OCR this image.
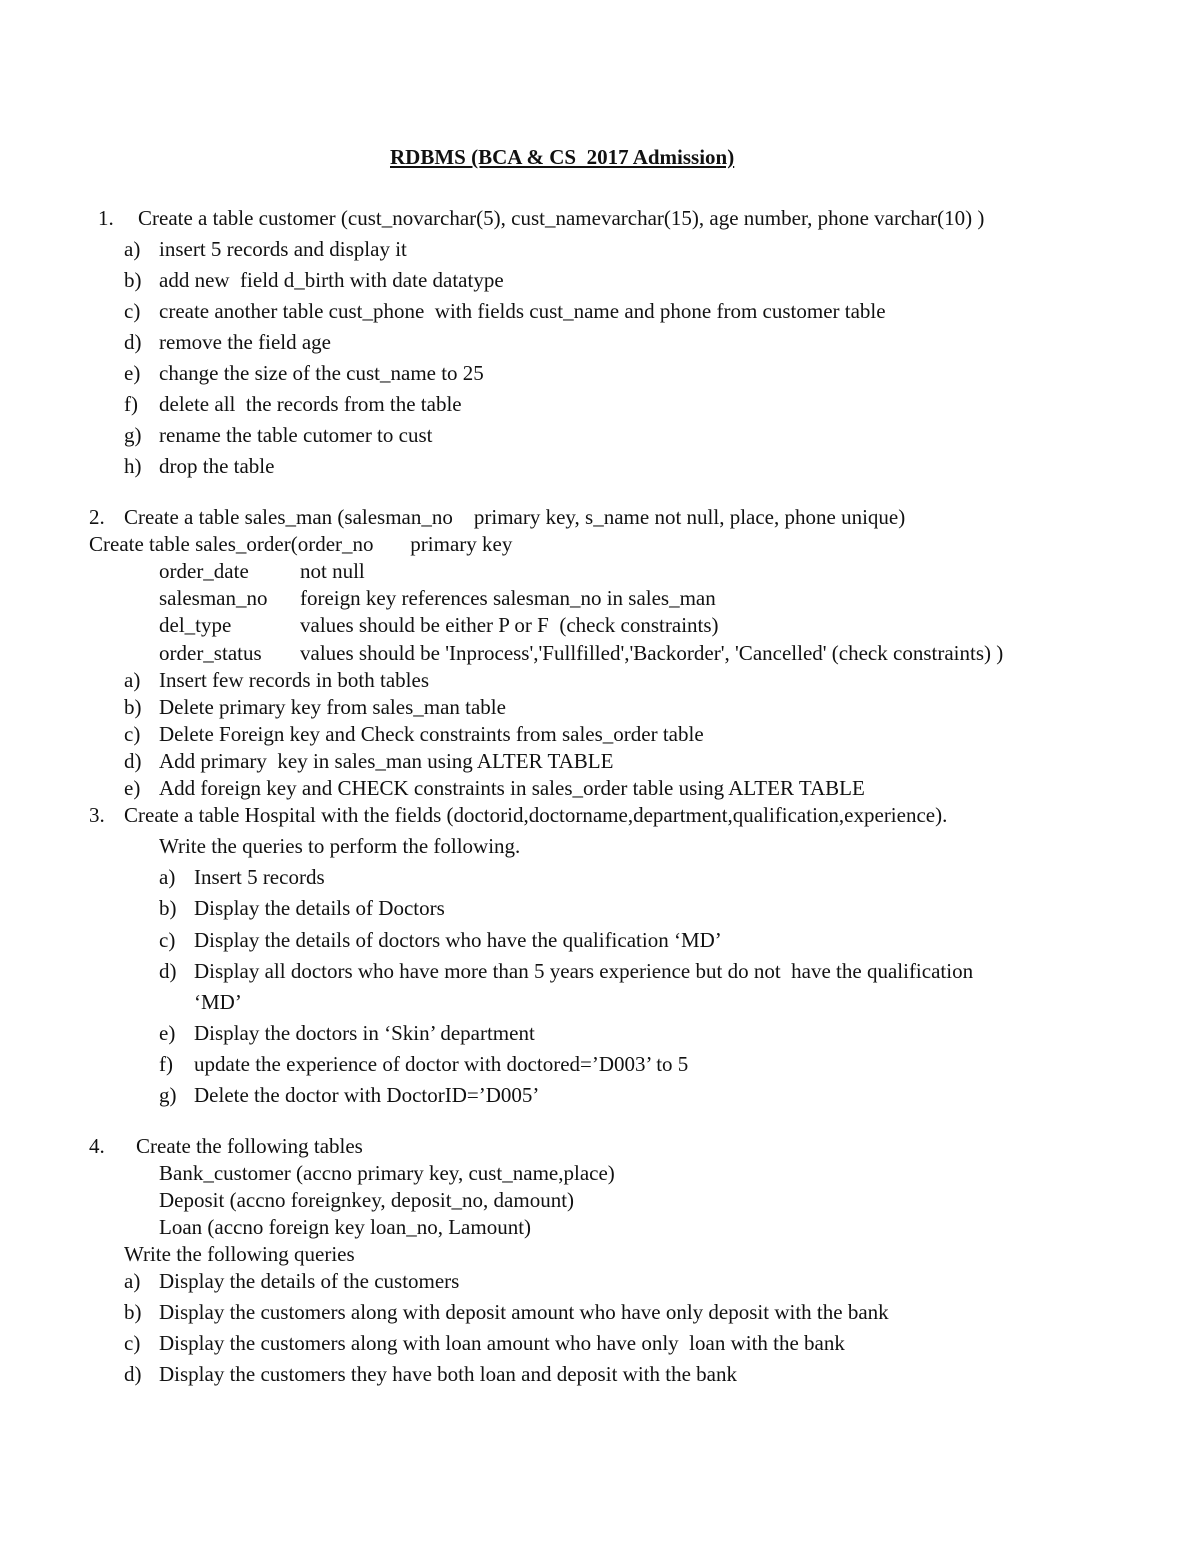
RDBMS (BCA & CS  2017 Admission)
1. Create a table customer (cust_novarchar(5), cust_namevarchar(15), age number, phone varchar(10) )
a) insert 5 records and display it
b) add new  field d_birth with date datatype
c) create another table cust_phone  with fields cust_name and phone from customer table
d) remove the field age
e) change the size of the cust_name to 25
f) delete all  the records from the table
g) rename the table cutomer to cust
h) drop the table
2. Create a table sales_man (salesman_no    primary key, s_name not null, place, phone unique)
Create table sales_order(order_no       primary key
order_date not null
salesman_no foreign key references salesman_no in sales_man
del_type	values should be either P or F  (check constraints)
order_status values should be 'Inprocess','Fullfilled','Backorder', 'Cancelled' (check constraints) )
a) Insert few records in both tables
b) Delete primary key from sales_man table
c) Delete Foreign key and Check constraints from sales_order table
d) Add primary  key in sales_man using ALTER TABLE
e) Add foreign key and CHECK constraints in sales_order table using ALTER TABLE
3. Create a table Hospital with the fields (doctorid,doctorname,department,qualification,experience).
Write the queries to perform the following.
a) Insert 5 records
b) Display the details of Doctors
c) Display the details of doctors who have the qualification ‘MD’
d) Display all doctors who have more than 5 years experience but do not  have the qualification
‘MD’
e) Display the doctors in ‘Skin’ department
f) update the experience of doctor with doctored=’D003’ to 5
g) Delete the doctor with DoctorID=’D005’
4. Create the following tables
Bank_customer (accno primary key, cust_name,place)
Deposit (accno foreignkey, deposit_no, damount)
Loan (accno foreign key loan_no, Lamount)
Write the following queries
a) Display the details of the customers
b) Display the customers along with deposit amount who have only deposit with the bank
c) Display the customers along with loan amount who have only  loan with the bank
d) Display the customers they have both loan and deposit with the bank
